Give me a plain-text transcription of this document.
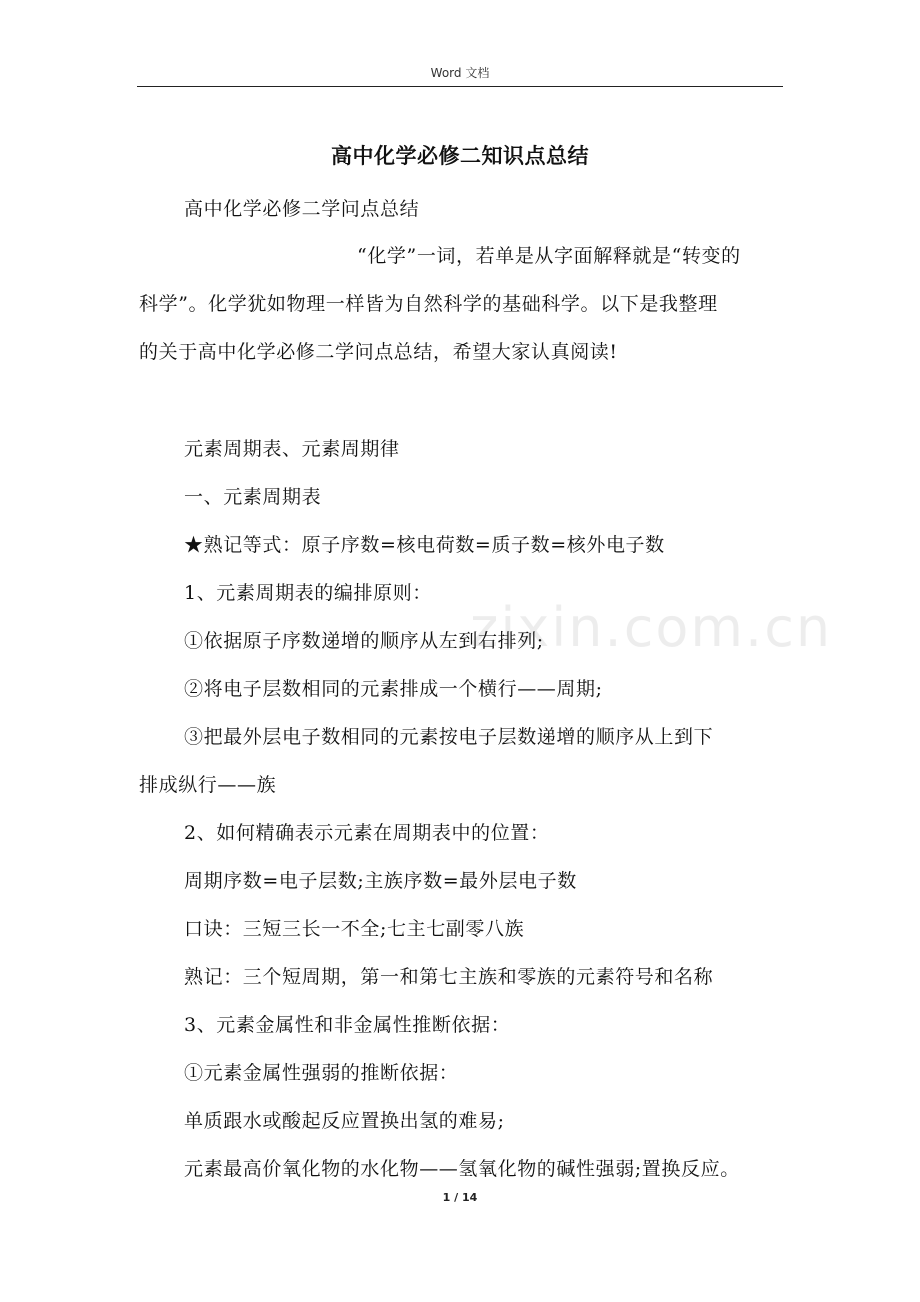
Word 文档
高中化学必修二知识点总结
zixin.com.cn
高中化学必修二学问点总结
“化学”一词，若单是从字面解释就是“转变的
科学”。化学犹如物理一样皆为自然科学的基础科学。以下是我整理
的关于高中化学必修二学问点总结，希望大家认真阅读!
元素周期表、元素周期律
一、元素周期表
★熟记等式：原子序数=核电荷数=质子数=核外电子数
1、元素周期表的编排原则：
①依据原子序数递增的顺序从左到右排列;
②将电子层数相同的元素排成一个横行——周期;
③把最外层电子数相同的元素按电子层数递增的顺序从上到下
排成纵行——族
2、如何精确表示元素在周期表中的位置：
周期序数=电子层数;主族序数=最外层电子数
口诀：三短三长一不全;七主七副零八族
熟记：三个短周期，第一和第七主族和零族的元素符号和名称
3、元素金属性和非金属性推断依据：
①元素金属性强弱的推断依据：
单质跟水或酸起反应置换出氢的难易;
元素最高价氧化物的水化物——氢氧化物的碱性强弱;置换反应。
1 / 14
